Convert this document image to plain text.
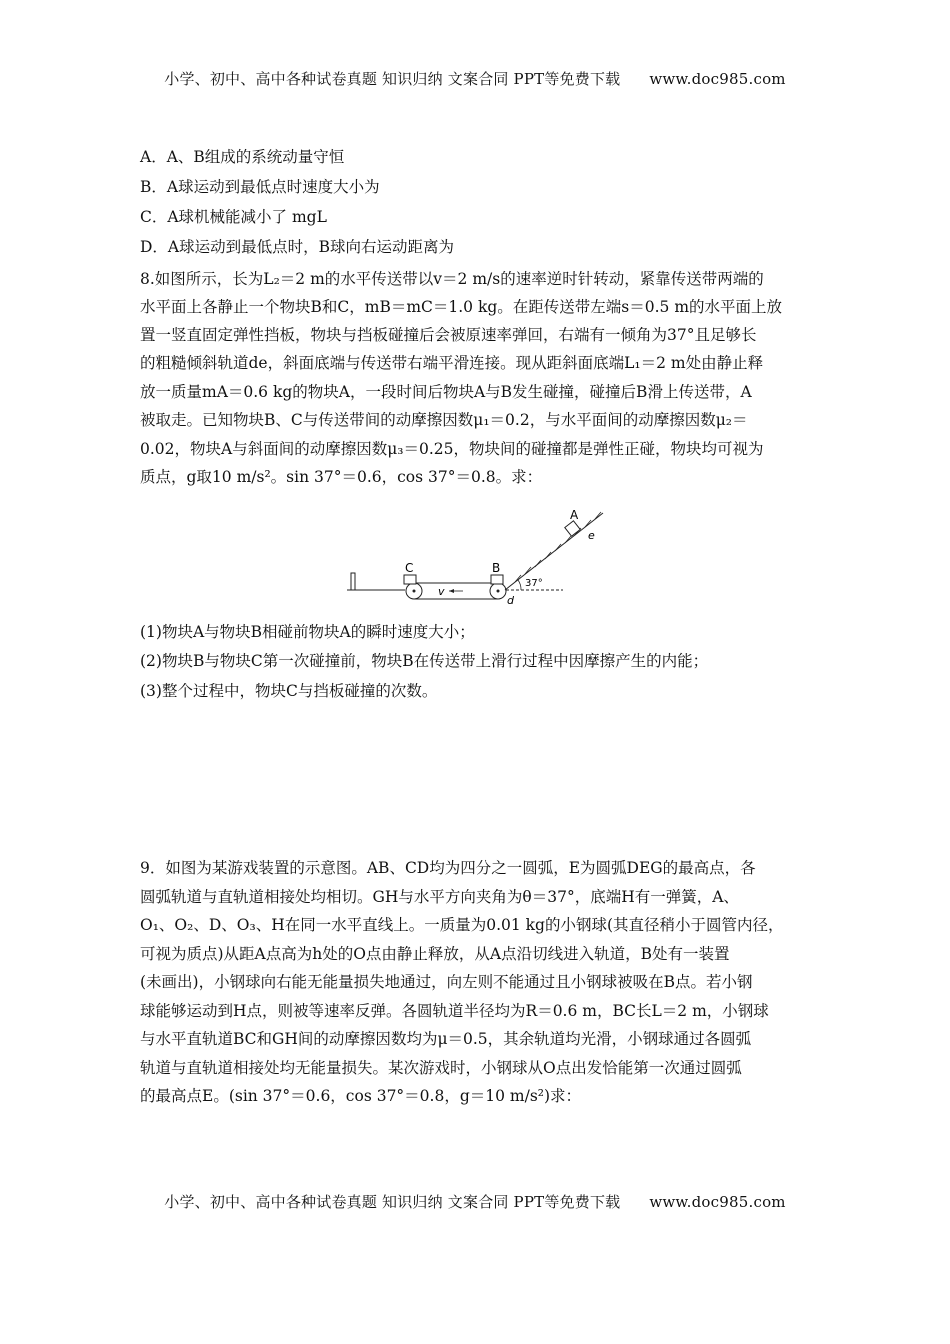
小学、初中、高中各种试卷真题 知识归纳 文案合同 PPT等免费下载 www.doc985.com
A．A、B组成的系统动量守恒
B．A球运动到最低点时速度大小为
C．A球机械能减小了 mgL
D．A球运动到最低点时，B球向右运动距离为
8.如图所示，长为L₂＝2 m的水平传送带以v＝2 m/s的速率逆时针转动，紧靠传送带两端的
水平面上各静止一个物块B和C，mB＝mC＝1.0 kg。在距传送带左端s＝0.5 m的水平面上放
置一竖直固定弹性挡板，物块与挡板碰撞后会被原速率弹回，右端有一倾角为37°且足够长
的粗糙倾斜轨道de，斜面底端与传送带右端平滑连接。现从距斜面底端L₁＝2 m处由静止释
放一质量mA＝0.6 kg的物块A，一段时间后物块A与B发生碰撞，碰撞后B滑上传送带，A
被取走。已知物块B、C与传送带间的动摩擦因数μ₁＝0.2，与水平面间的动摩擦因数μ₂＝
0.02，物块A与斜面间的动摩擦因数μ₃＝0.25，物块间的碰撞都是弹性正碰，物块均可视为
质点，g取10 m/s²。sin 37°＝0.6，cos 37°＝0.8。求：
(1)物块A与物块B相碰前物块A的瞬时速度大小；
(2)物块B与物块C第一次碰撞前，物块B在传送带上滑行过程中因摩擦产生的内能；
(3)整个过程中，物块C与挡板碰撞的次数。
9．如图为某游戏装置的示意图。AB、CD均为四分之一圆弧，E为圆弧DEG的最高点，各
圆弧轨道与直轨道相接处均相切。GH与水平方向夹角为θ＝37°，底端H有一弹簧，A、
O₁、O₂、D、O₃、H在同一水平直线上。一质量为0.01 kg的小钢球(其直径稍小于圆管内径，
可视为质点)从距A点高为h处的O点由静止释放，从A点沿切线进入轨道，B处有一装置
(未画出)，小钢球向右能无能量损失地通过，向左则不能通过且小钢球被吸在B点。若小钢
球能够运动到H点，则被等速率反弹。各圆轨道半径均为R＝0.6 m，BC长L＝2 m，小钢球
与水平直轨道BC和GH间的动摩擦因数均为μ＝0.5，其余轨道均光滑，小钢球通过各圆弧
轨道与直轨道相接处均无能量损失。某次游戏时，小钢球从O点出发恰能第一次通过圆弧
的最高点E。(sin 37°＝0.6，cos 37°＝0.8，g＝10 m/s²)求：
A
e
C	B
v
d
37°
小学、初中、高中各种试卷真题 知识归纳 文案合同 PPT等免费下载 www.doc985.com
